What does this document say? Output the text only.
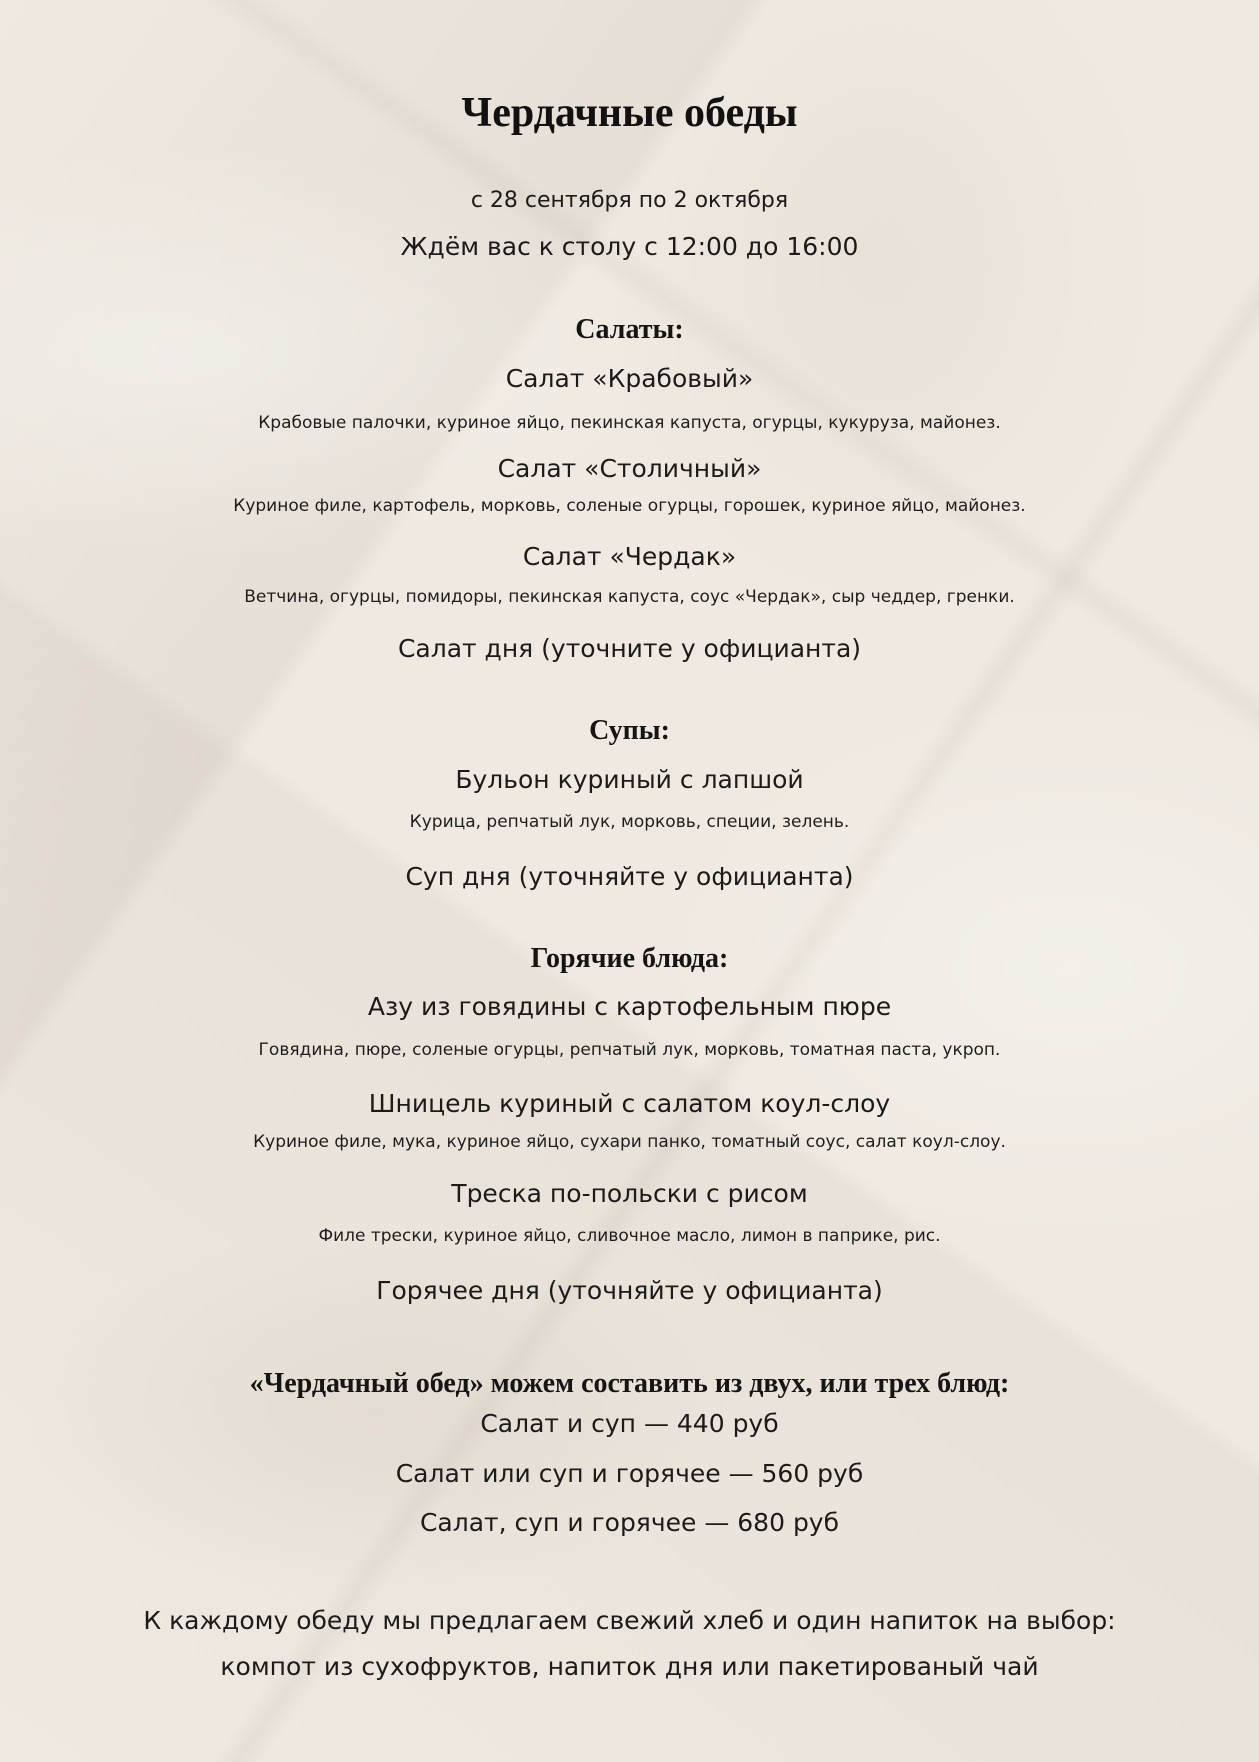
Чердачные обеды
с 28 сентября по 2 октября
Ждём вас к столу с 12:00 до 16:00
Салаты:
Салат «Крабовый»
Крабовые палочки, куриное яйцо, пекинская капуста, огурцы, кукуруза, майонез.
Салат «Столичный»
Куриное филе, картофель, морковь, соленые огурцы, горошек, куриное яйцо, майонез.
Салат «Чердак»
Ветчина, огурцы, помидоры, пекинская капуста, соус «Чердак», сыр чеддер, гренки.
Салат дня (уточните у официанта)
Супы:
Бульон куриный с лапшой
Курица, репчатый лук, морковь, специи, зелень.
Суп дня (уточняйте у официанта)
Горячие блюда:
Азу из говядины с картофельным пюре
Говядина, пюре, соленые огурцы, репчатый лук, морковь, томатная паста, укроп.
Шницель куриный с салатом коул-слоу
Куриное филе, мука, куриное яйцо, сухари панко, томатный соус, салат коул-слоу.
Треска по-польски с рисом
Филе трески, куриное яйцо, сливочное масло, лимон в паприке, рис.
Горячее дня (уточняйте у официанта)
«Чердачный обед» можем составить из двух, или трех блюд:
Салат и суп — 440 руб
Салат или суп и горячее — 560 руб
Салат, суп и горячее — 680 руб
К каждому обеду мы предлагаем свежий хлеб и один напиток на выбор:
компот из сухофруктов, напиток дня или пакетированый чай
